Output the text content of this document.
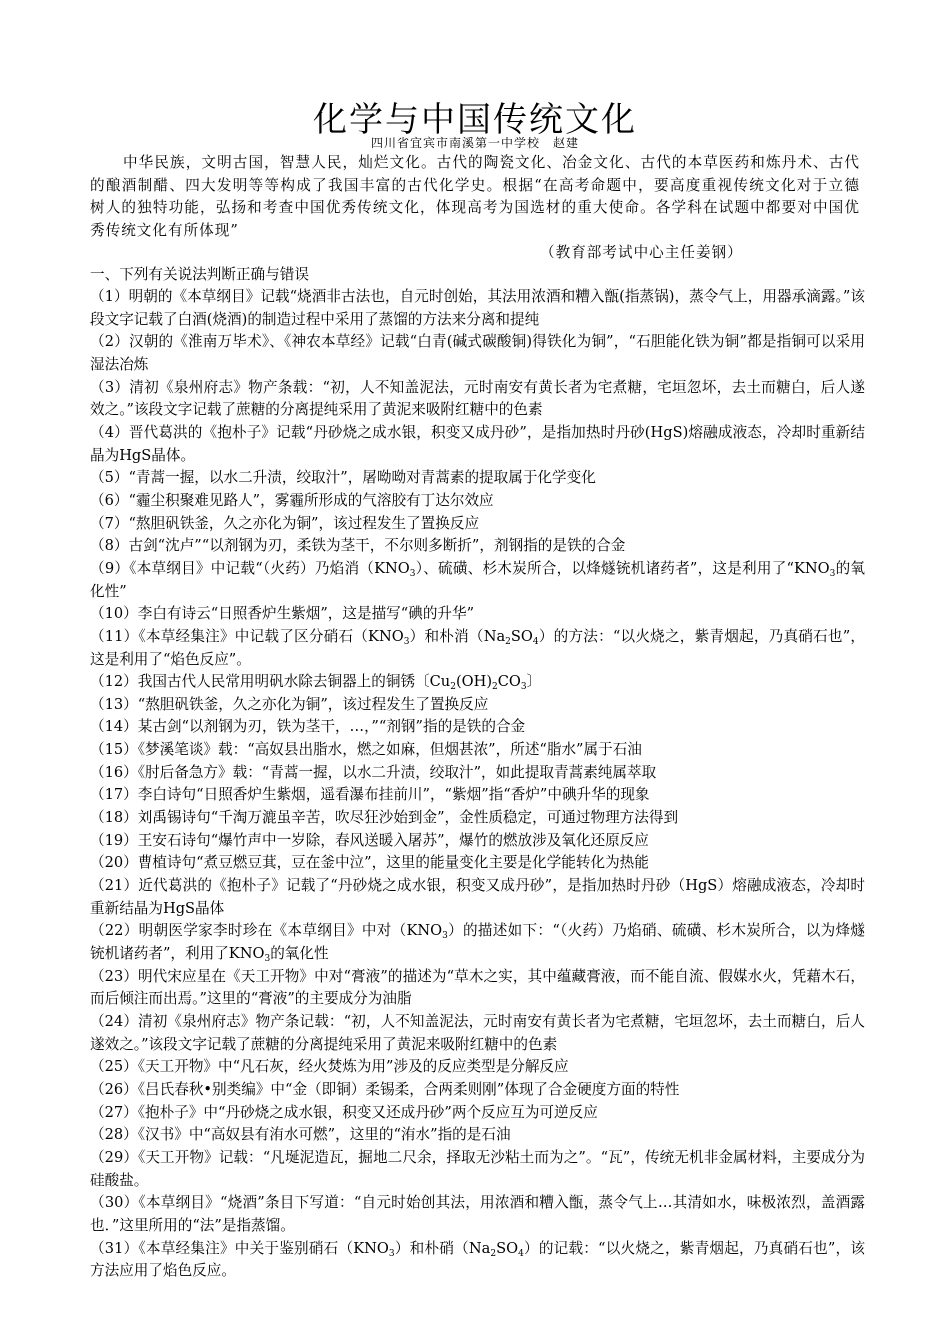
化学与中国传统文化
四川省宜宾市南溪第一中学校　赵建
中华民族，文明古国，智慧人民，灿烂文化。古代的陶瓷文化、冶金文化、古代的本草医药和炼丹术、古代的酿酒制醋、四大发明等等构成了我国丰富的古代化学史。根据“在高考命题中，要高度重视传统文化对于立德树人的独特功能，弘扬和考查中国优秀传统文化，体现高考为国选材的重大使命。各学科在试题中都要对中国优秀传统文化有所体现”
（教育部考试中心主任姜钢）
一、下列有关说法判断正确与错误

（1）明朝的《本草纲目》记载“烧酒非古法也，自元时创始，其法用浓酒和糟入甑(指蒸锅)，蒸令气上，用器承滴露。”该段文字记载了白酒(烧酒)的制造过程中采用了蒸馏的方法来分离和提纯

（2）汉朝的《淮南万毕术》、《神农本草经》记载“白青(碱式碳酸铜)得铁化为铜”，“石胆能化铁为铜”都是指铜可以采用湿法冶炼

（3）清初《泉州府志》物产条载：“初，人不知盖泥法，元时南安有黄长者为宅煮糖，宅垣忽坏，去土而糖白，后人遂效之。”该段文字记载了蔗糖的分离提纯采用了黄泥来吸附红糖中的色素

（4）晋代葛洪的《抱朴子》记载“丹砂烧之成水银，积变又成丹砂”，是指加热时丹砂(HgS)熔融成液态，冷却时重新结晶为HgS晶体。

（5）“青蒿一握，以水二升渍，绞取汁”，屠呦呦对青蒿素的提取属于化学变化

（6）“霾尘积聚难见路人”，雾霾所形成的气溶胶有丁达尔效应

（7）“熬胆矾铁釜，久之亦化为铜”，该过程发生了置换反应

（8）古剑“沈卢”“以剂钢为刃，柔铁为茎干，不尔则多断折”，剂钢指的是铁的合金

（9）《本草纲目》中记载“（火药）乃焰消$(KNO_3)$、硫磺、杉木炭所合，以烽燧铳机诸药者”，这是利用了“$KNO_3$的氧化性”

（10）李白有诗云“日照香炉生紫烟”，这是描写“碘的升华”

（11）《本草经集注》中记载了区分硝石$(KNO_3)$和朴消$(Na_2SO_4)$的方法：“以火烧之，紫青烟起，乃真硝石也”，这是利用了“焰色反应”。

（12）我国古代人民常用明矾水除去铜器上的铜锈〔$Cu_2(OH)_2CO_3$〕

（13）“熬胆矾铁釜，久之亦化为铜”，该过程发生了置换反应

（14）某古剑“以剂钢为刃，铁为茎干，…，”“剂钢”指的是铁的合金

（15）《梦溪笔谈》载：“高奴县出脂水，燃之如麻，但烟甚浓”，所述“脂水”属于石油

（16）《肘后备急方》载：“青蒿一握，以水二升渍，绞取汁”，如此提取青蒿素纯属萃取

（17）李白诗句“日照香炉生紫烟，遥看瀑布挂前川”，“紫烟”指“香炉”中碘升华的现象

（18）刘禹锡诗句“千淘万漉虽辛苦，吹尽狂沙始到金”，金性质稳定，可通过物理方法得到

（19）王安石诗句“爆竹声中一岁除，春风送暖入屠苏”，爆竹的燃放涉及氧化还原反应

（20）曹植诗句“煮豆燃豆萁，豆在釜中泣”，这里的能量变化主要是化学能转化为热能

（21）近代葛洪的《抱朴子》记载了“丹砂烧之成水银，积变又成丹砂”，是指加热时丹砂（HgS）熔融成液态，冷却时重新结晶为HgS晶体

（22）明朝医学家李时珍在《本草纲目》中对$(KNO_3)$的描述如下：“（火药）乃焰硝、硫磺、杉木炭所合，以为烽燧铳机诸药者”，利用了$KNO_3$的氧化性

（23）明代宋应星在《天工开物》中对“膏液”的描述为“草木之实，其中蕴藏膏液，而不能自流、假媒水火，凭藉木石，而后倾注而出焉。”这里的“膏液”的主要成分为油脂

（24）清初《泉州府志》物产条记载：“初，人不知盖泥法，元时南安有黄长者为宅煮糖，宅垣忽坏，去土而糖白，后人遂效之。”该段文字记载了蔗糖的分离提纯采用了黄泥来吸附红糖中的色素

（25）《天工开物》中“凡石灰，经火焚炼为用”涉及的反应类型是分解反应

（26）《吕氏春秋•别类编》中“金（即铜）柔锡柔，合两柔则刚”体现了合金硬度方面的特性

（27）《抱朴子》中“丹砂烧之成水银，积变又还成丹砂”两个反应互为可逆反应

（28）《汉书》中“高奴县有洧水可燃”，这里的“洧水”指的是石油

（29）《天工开物》记载：“凡埏泥造瓦，掘地二尺余，择取无沙粘土而为之”。“瓦”，传统无机非金属材料，主要成分为硅酸盐。

（30）《本草纲目》“烧酒”条目下写道：“自元时始创其法，用浓酒和糟入甑，蒸令气上…其清如水，味极浓烈，盖酒露也．”这里所用的“法”是指蒸馏。

（31）《本草经集注》中关于鉴别硝石$(KNO_3)$和朴硝$(Na_2SO_4)$的记载：“以火烧之，紫青烟起，乃真硝石也”，该方法应用了焰色反应。
